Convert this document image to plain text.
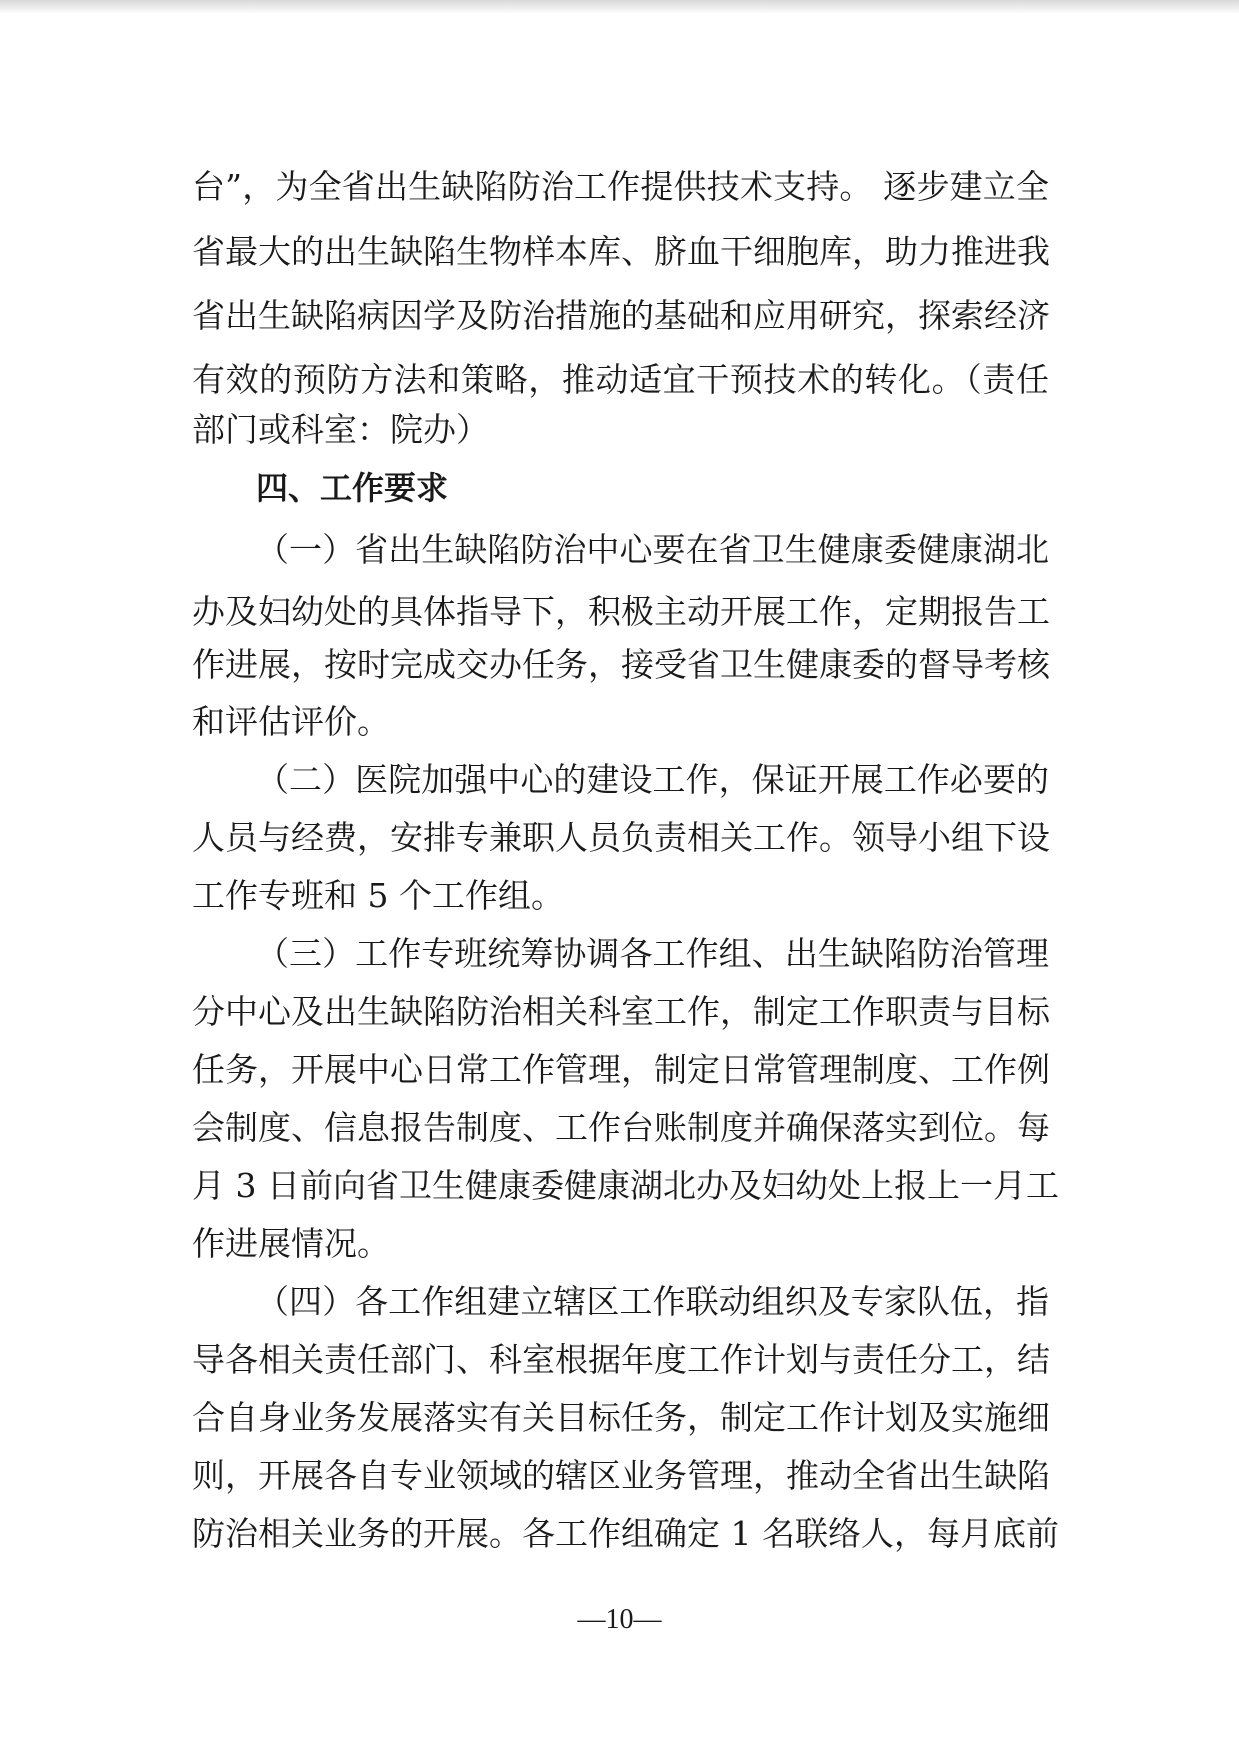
台”，为全省出生缺陷防治工作提供技术支持。 逐步建立全
省最大的出生缺陷生物样本库、脐血干细胞库，助力推进我
省出生缺陷病因学及防治措施的基础和应用研究，探索经济
有效的预防方法和策略，推动适宜干预技术的转化。（责任
部门或科室：院办）
四、工作要求
（一）省出生缺陷防治中心要在省卫生健康委健康湖北
办及妇幼处的具体指导下，积极主动开展工作，定期报告工
作进展，按时完成交办任务，接受省卫生健康委的督导考核
和评估评价。
（二）医院加强中心的建设工作，保证开展工作必要的
人员与经费，安排专兼职人员负责相关工作。领导小组下设
工作专班和 5 个工作组。
（三）工作专班统筹协调各工作组、出生缺陷防治管理
分中心及出生缺陷防治相关科室工作，制定工作职责与目标
任务，开展中心日常工作管理，制定日常管理制度、工作例
会制度、信息报告制度、工作台账制度并确保落实到位。每
月 3 日前向省卫生健康委健康湖北办及妇幼处上报上一月工
作进展情况。
（四）各工作组建立辖区工作联动组织及专家队伍，指
导各相关责任部门、科室根据年度工作计划与责任分工，结
合自身业务发展落实有关目标任务，制定工作计划及实施细
则，开展各自专业领域的辖区业务管理，推动全省出生缺陷
防治相关业务的开展。各工作组确定 1 名联络人，每月底前
—10—
